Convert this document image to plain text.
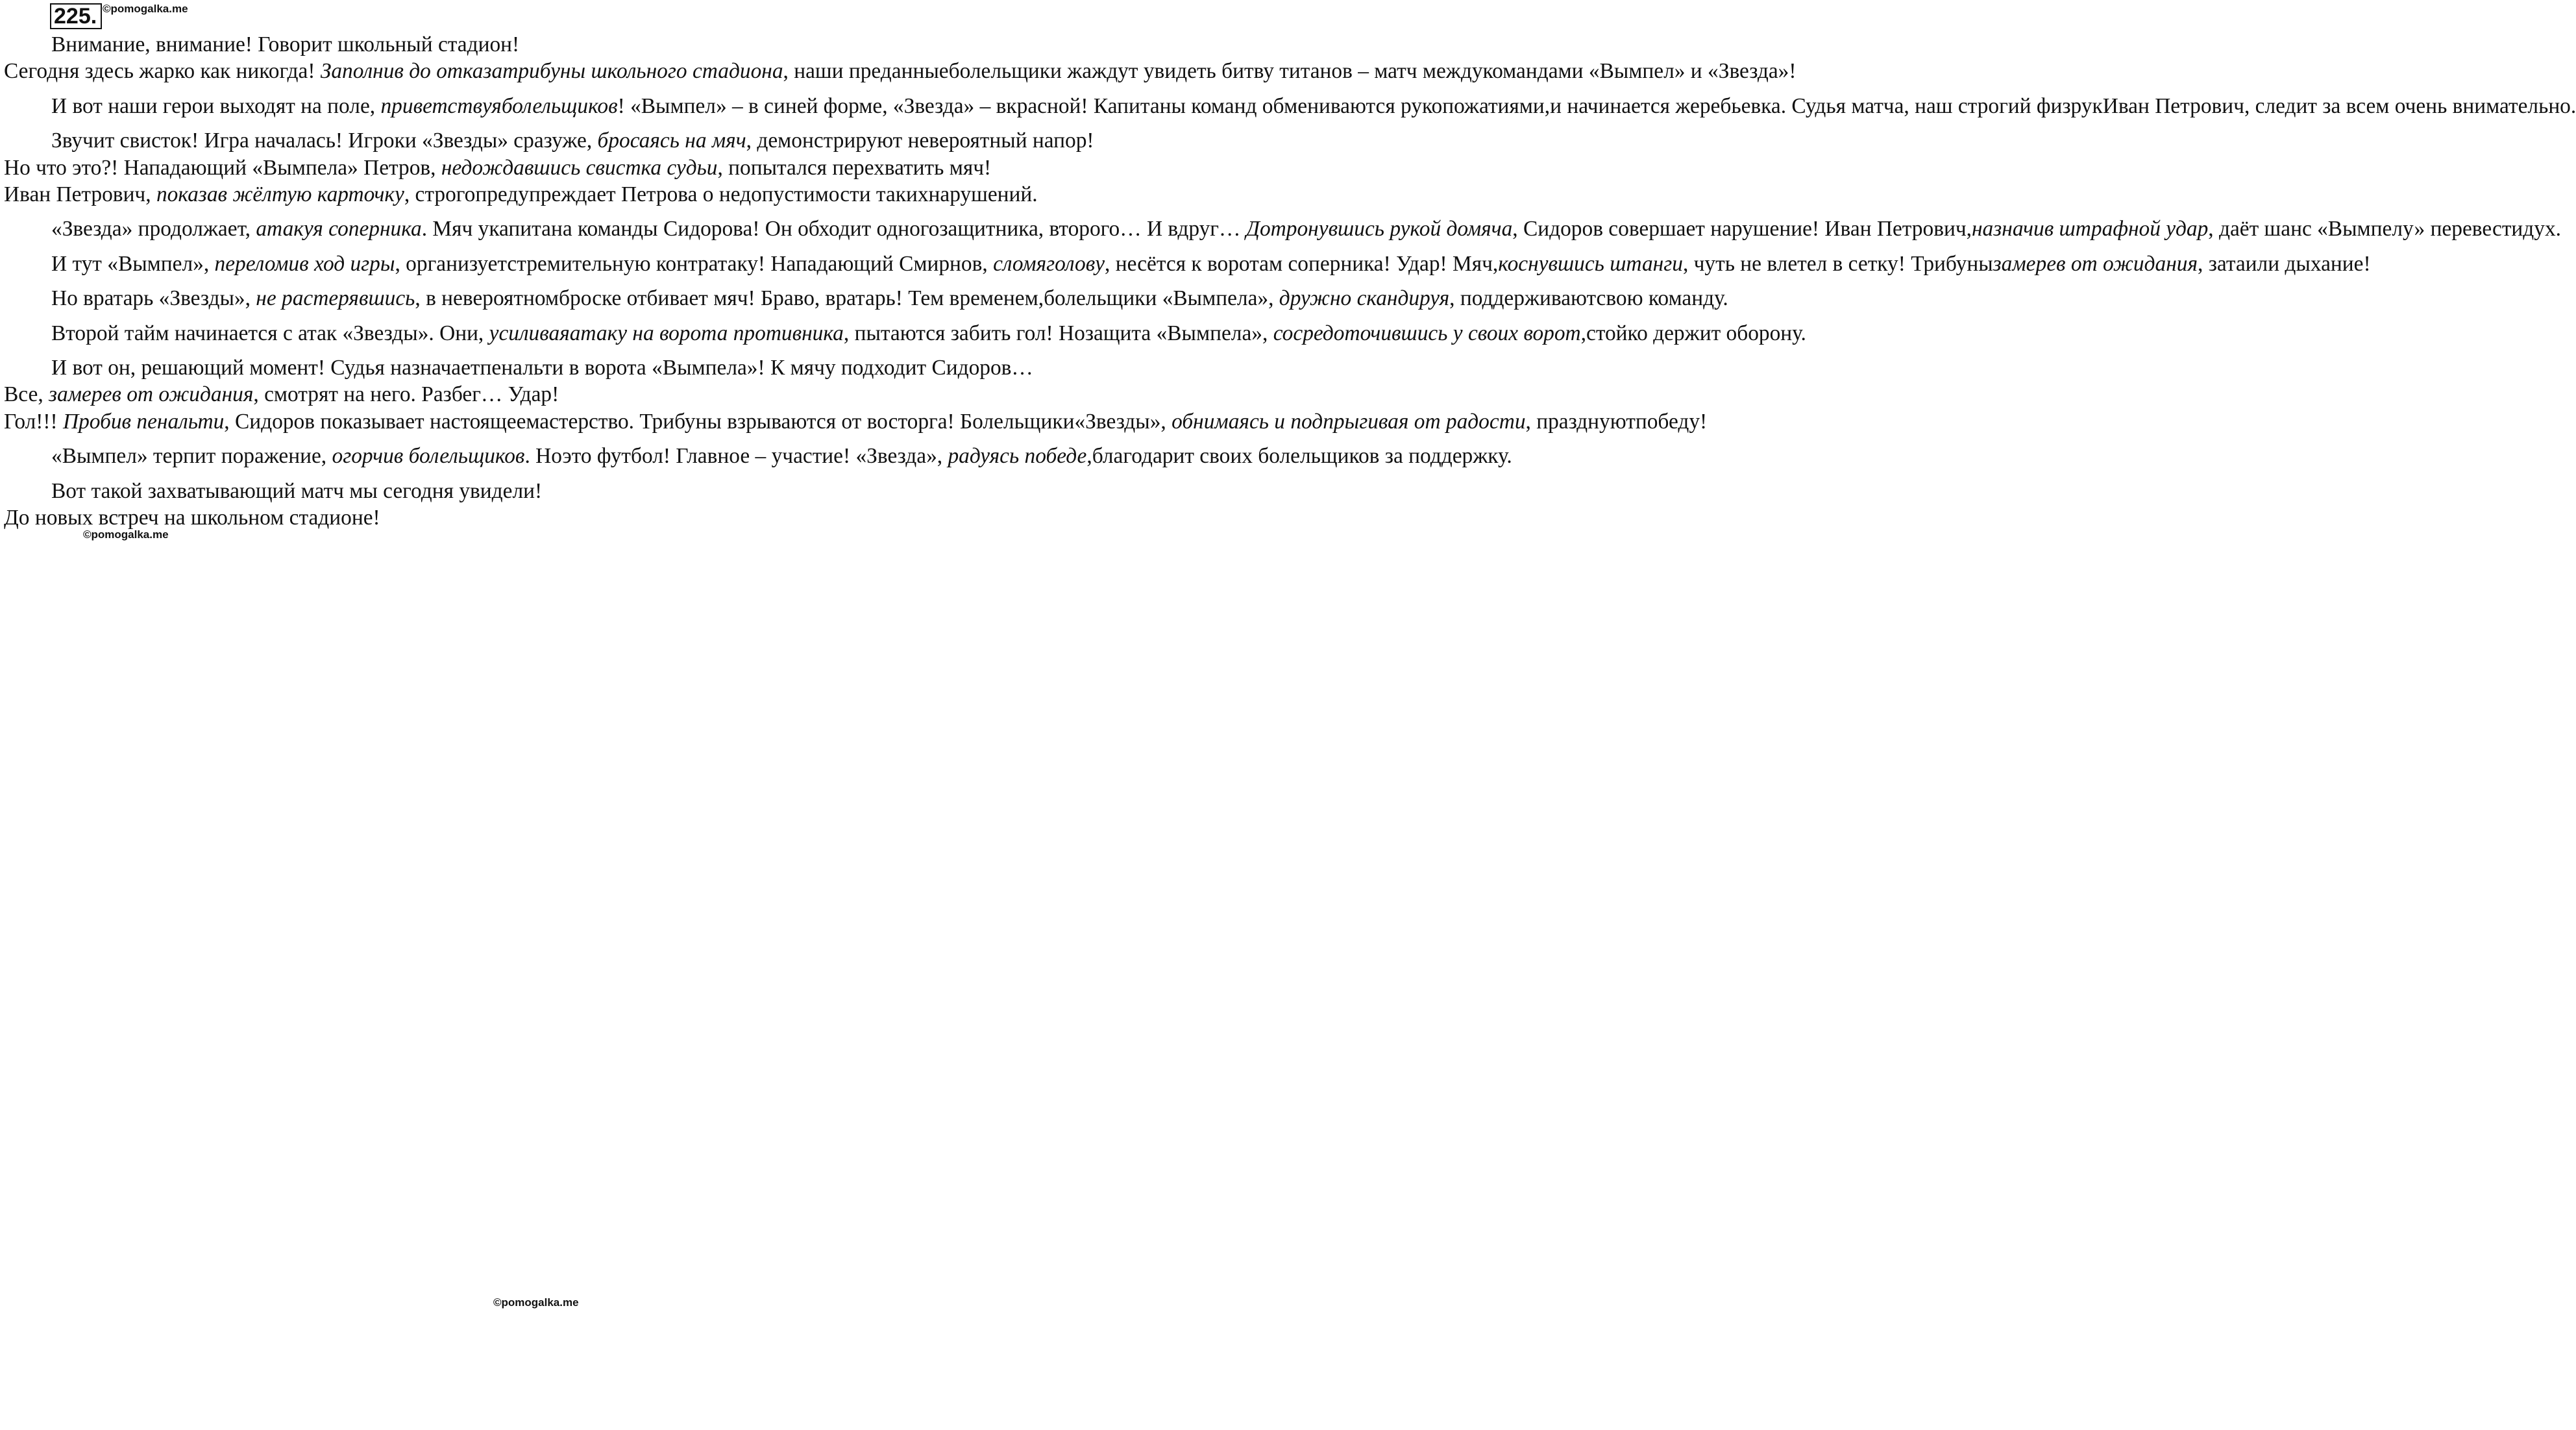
225. ©pomogalka.me
©pomogalka.me
©pomogalka.me
Внимание, внимание! Говорит школьный стадион!Сегодня здесь жарко как никогда! Заполнив до отказатрибуны школьного стадиона, наши преданныеболельщики жаждут увидеть битву титанов – матч междукомандами «Вымпел» и «Звезда»!
И вот наши герои выходят на поле, приветствуяболельщиков! «Вымпел» – в синей форме, «Звезда» – вкрасной! Капитаны команд обмениваются рукопожатиями,и начинается жеребьевка. Судья матча, наш строгий физрукИван Петрович, следит за всем очень внимательно.
Звучит свисток! Игра началась! Игроки «Звезды» сразуже, бросаясь на мяч, демонстрируют невероятный напор!Но что это?! Нападающий «Вымпела» Петров, недождавшись свистка судьи, попытался перехватить мяч!Иван Петрович, показав жёлтую карточку, строгопредупреждает Петрова о недопустимости такихнарушений.
«Звезда» продолжает, атакуя соперника. Мяч укапитана команды Сидорова! Он обходит одногозащитника, второго… И вдруг… Дотронувшись рукой домяча, Сидоров совершает нарушение! Иван Петрович,назначив штрафной удар, даёт шанс «Вымпелу» перевестидух.
И тут «Вымпел», переломив ход игры, организуетстремительную контратаку! Нападающий Смирнов, сломяголову, несётся к воротам соперника! Удар! Мяч,коснувшись штанги, чуть не влетел в сетку! Трибунызамерев от ожидания, затаили дыхание!
Но вратарь «Звезды», не растерявшись, в невероятномброске отбивает мяч! Браво, вратарь! Тем временем,болельщики «Вымпела», дружно скандируя, поддерживаютсвою команду.
Второй тайм начинается с атак «Звезды». Они, усиливаяатаку на ворота противника, пытаются забить гол! Нозащита «Вымпела», сосредоточившись у своих ворот,стойко держит оборону.
И вот он, решающий момент! Судья назначаетпенальти в ворота «Вымпела»! К мячу подходит Сидоров…Все, замерев от ожидания, смотрят на него. Разбег… Удар!Гол!!! Пробив пенальти, Сидоров показывает настоящеемастерство. Трибуны взрываются от восторга! Болельщики«Звезды», обнимаясь и подпрыгивая от радости, празднуютпобеду!
«Вымпел» терпит поражение, огорчив болельщиков. Ноэто футбол! Главное – участие! «Звезда», радуясь победе,благодарит своих болельщиков за поддержку.
Вот такой захватывающий матч мы сегодня увидели!До новых встреч на школьном стадионе!
